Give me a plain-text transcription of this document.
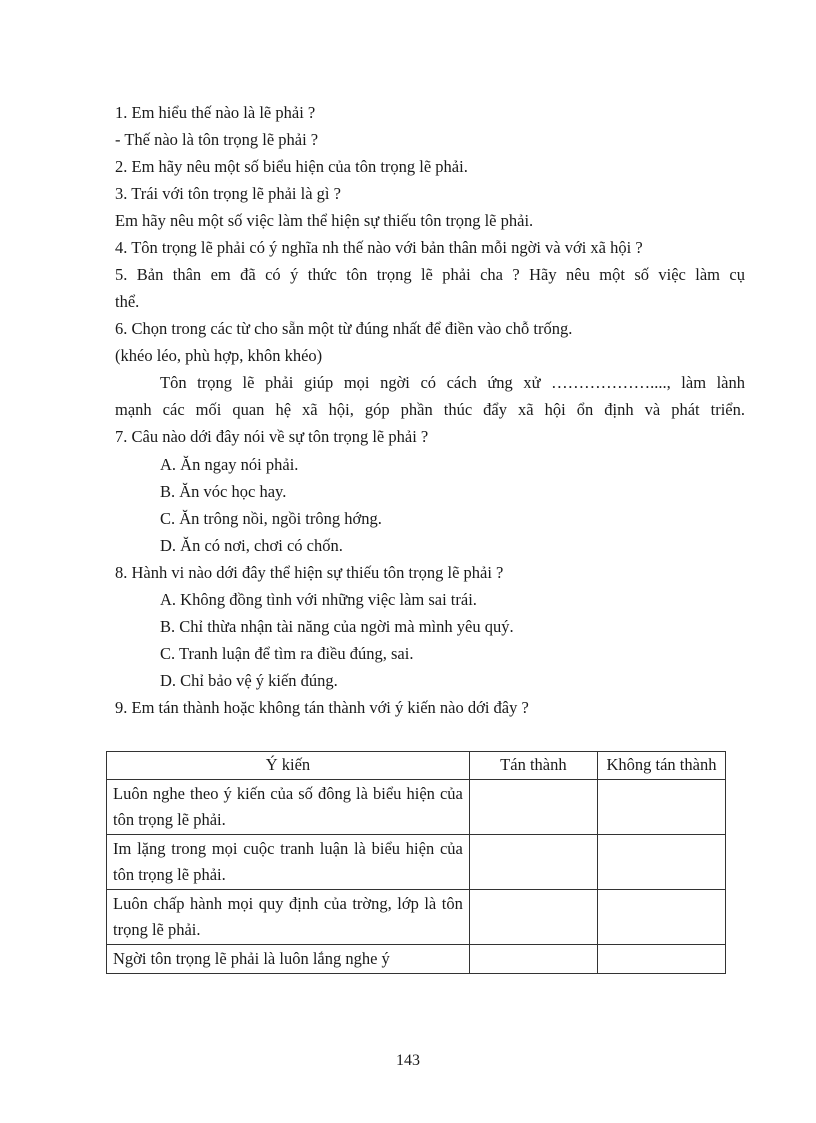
1. Em hiểu thế nào là lẽ phải ?
- Thế nào là tôn trọng lẽ phải ?
2. Em hãy nêu một số biểu hiện của tôn trọng lẽ phải.
3. Trái với tôn trọng lẽ phải là gì ?
Em hãy nêu một số việc làm thể hiện sự thiếu tôn trọng lẽ phải.
4. Tôn trọng lẽ phải có ý nghĩa nh thế nào với bản thân mỗi ngời và với xã hội ?
5. Bản thân em đã có ý thức tôn trọng lẽ phải cha ? Hãy nêu một số việc làm cụ
thể.
6. Chọn trong các từ cho sẵn một từ đúng nhất để điền vào chỗ trống.
(khéo léo, phù hợp, khôn khéo)
Tôn trọng lẽ phải giúp mọi ngời có cách ứng xử ………………...., làm lành
mạnh các mối quan hệ xã hội, góp phần thúc đẩy xã hội ổn định và phát triển.
7. Câu nào dới đây nói về sự tôn trọng lẽ phải ?
A. Ăn ngay nói phải.
B. Ăn vóc học hay.
C. Ăn trông nồi, ngồi trông hớng.
D. Ăn có nơi, chơi có chốn.
8. Hành vi nào dới đây thể hiện sự thiếu tôn trọng lẽ phải ?
A. Không đồng tình với những việc làm sai trái.
B. Chỉ thừa nhận tài năng của ngời mà mình yêu quý.
C. Tranh luận để tìm ra điều đúng, sai.
D. Chỉ bảo vệ ý kiến đúng.
9. Em tán thành hoặc không tán thành với ý kiến nào dới đây ?
Ý kiến	Tán thành	Không tán thành
Luôn nghe theo ý kiến của số đông là biểu hiện của tôn trọng lẽ phải.		
Im lặng trong mọi cuộc tranh luận là biểu hiện của tôn trọng lẽ phải.		
Luôn chấp hành mọi quy định của trờng, lớp là tôn trọng lẽ phải.		
Ngời tôn trọng lẽ phải là luôn lắng nghe ý		
143
